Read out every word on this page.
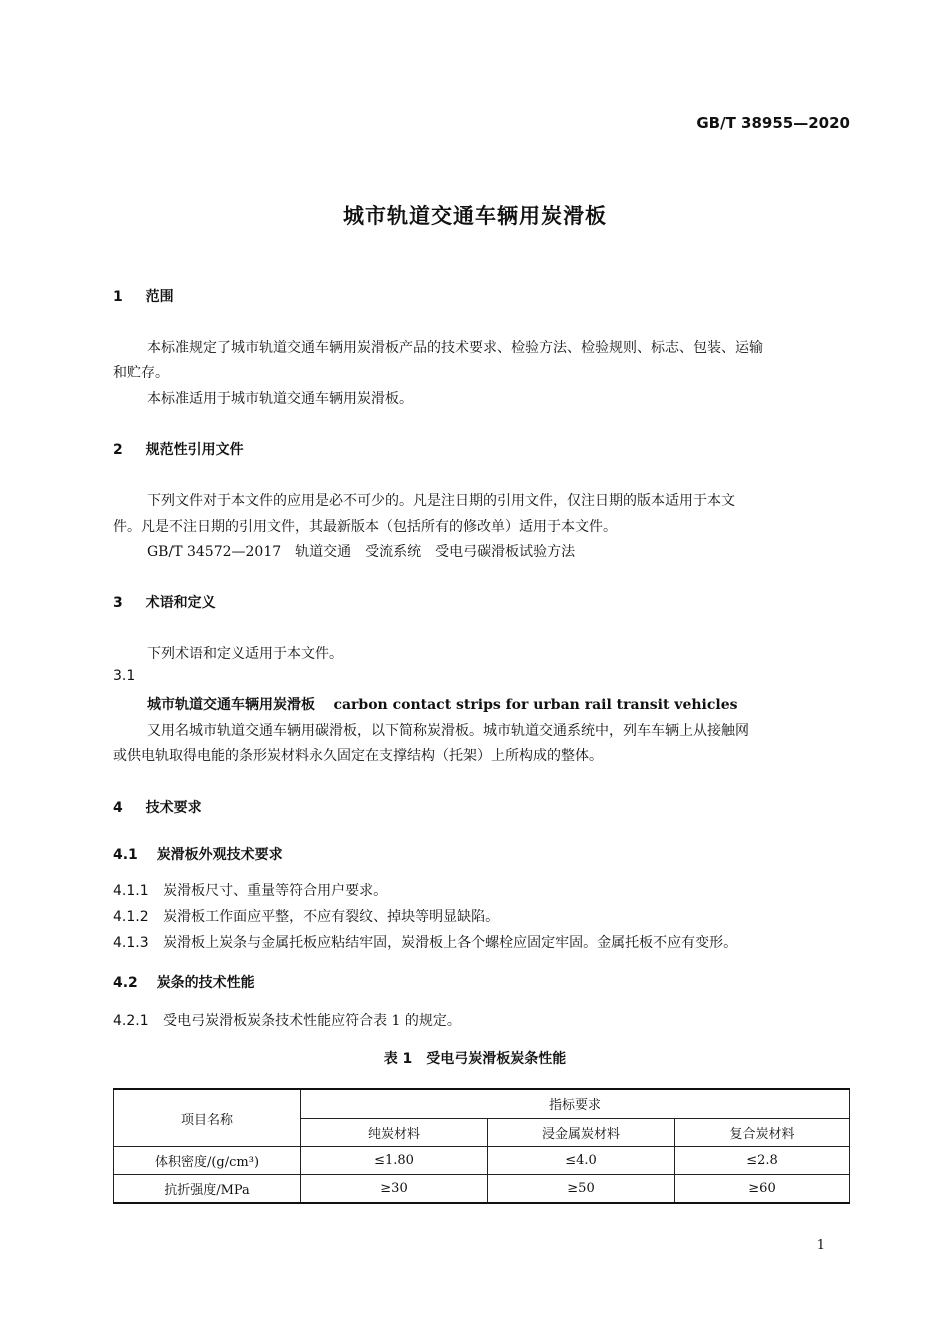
GB/T 38955—2020
城市轨道交通车辆用炭滑板
1 范围
本标准规定了城市轨道交通车辆用炭滑板产品的技术要求、检验方法、检验规则、标志、包装、运输
和贮存。
本标准适用于城市轨道交通车辆用炭滑板。
2 规范性引用文件
下列文件对于本文件的应用是必不可少的。凡是注日期的引用文件，仅注日期的版本适用于本文
件。凡是不注日期的引用文件，其最新版本（包括所有的修改单）适用于本文件。
GB/T 34572—2017　轨道交通　受流系统　受电弓碳滑板试验方法
3 术语和定义
下列术语和定义适用于本文件。
3.1
城市轨道交通车辆用炭滑板 carbon contact strips for urban rail transit vehicles
又用名城市轨道交通车辆用碳滑板，以下简称炭滑板。城市轨道交通系统中，列车车辆上从接触网
或供电轨取得电能的条形炭材料永久固定在支撑结构（托架）上所构成的整体。
4 技术要求
4.1 炭滑板外观技术要求
4.1.1 炭滑板尺寸、重量等符合用户要求。
4.1.2 炭滑板工作面应平整，不应有裂纹、掉块等明显缺陷。
4.1.3 炭滑板上炭条与金属托板应粘结牢固，炭滑板上各个螺栓应固定牢固。金属托板不应有变形。
4.2 炭条的技术性能
4.2.1 受电弓炭滑板炭条技术性能应符合表 1 的规定。
表 1　受电弓炭滑板炭条性能
项目名称	指标要求		
	纯炭材料	浸金属炭材料	复合炭材料
体积密度/(g/cm³)	≤1.80	≤4.0	≤2.8
抗折强度/MPa	≥30	≥50	≥60
1
